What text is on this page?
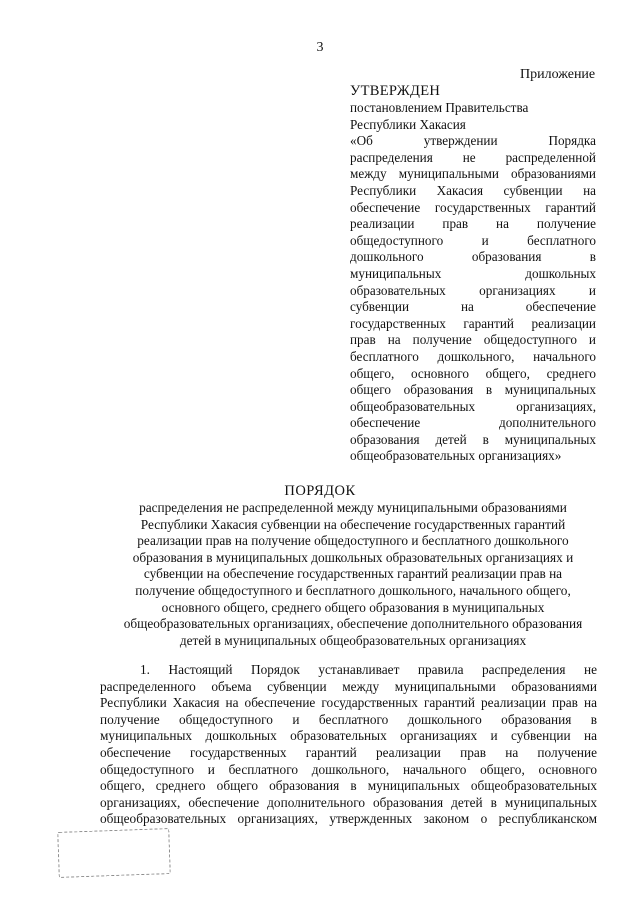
3
Приложение
УТВЕРЖДЕН
постановлением Правительства
Республики Хакасия
«Об утверждении Порядка
распределения не распределенной
между муниципальными образованиями
Республики Хакасия субвенции на
обеспечение государственных гарантий
реализации прав на получение
общедоступного и бесплатного
дошкольного образования в
муниципальных дошкольных
образовательных организациях и
субвенции на обеспечение
государственных гарантий реализации
прав на получение общедоступного и
бесплатного дошкольного, начального
общего, основного общего, среднего
общего образования в муниципальных
общеобразовательных организациях,
обеспечение дополнительного
образования детей в муниципальных
общеобразовательных организациях»
ПОРЯДОК
распределения не распределенной между муниципальными образованиями
Республики Хакасия субвенции на обеспечение государственных гарантий
реализации прав на получение общедоступного и бесплатного дошкольного
образования в муниципальных дошкольных образовательных организациях и
субвенции на обеспечение государственных гарантий реализации прав на
получение общедоступного и бесплатного дошкольного, начального общего,
основного общего, среднего общего образования в муниципальных
общеобразовательных организациях, обеспечение дополнительного образования
детей в муниципальных общеобразовательных организациях
1. Настоящий Порядок устанавливает правила распределения не
распределенного объема субвенции между муниципальными образованиями
Республики Хакасия на обеспечение государственных гарантий реализации прав на
получение общедоступного и бесплатного дошкольного образования в
муниципальных дошкольных образовательных организациях и субвенции на
обеспечение государственных гарантий реализации прав на получение
общедоступного и бесплатного дошкольного, начального общего, основного
общего, среднего общего образования в муниципальных общеобразовательных
организациях, обеспечение дополнительного образования детей в муниципальных
общеобразовательных организациях, утвержденных законом о республиканском
